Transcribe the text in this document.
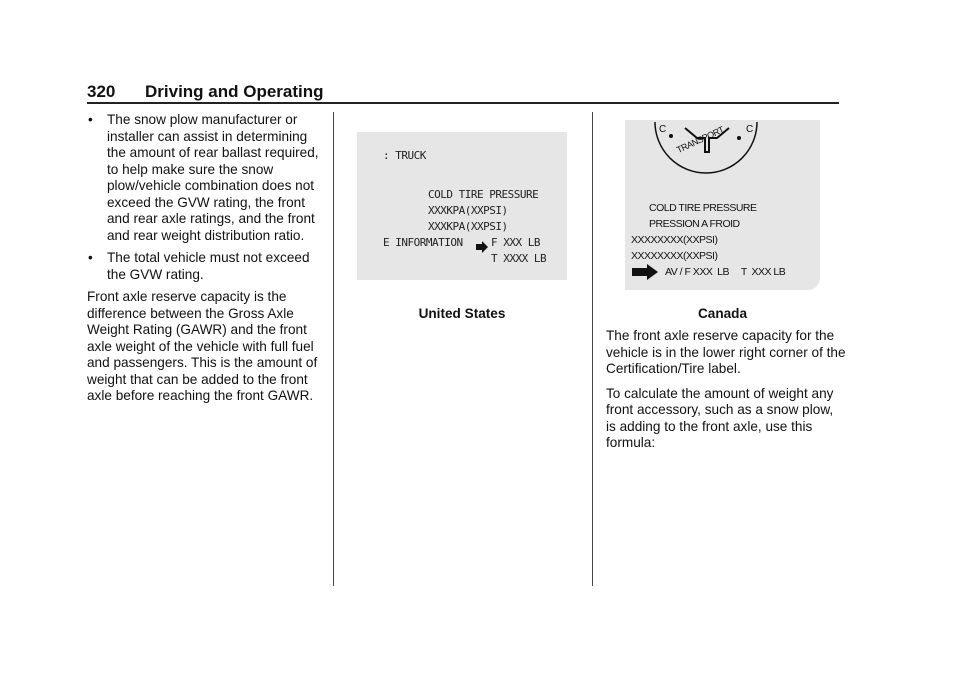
320 Driving and Operating
• The snow plow manufacturer or installer can assist in determining the amount of rear ballast required, to help make sure the snow plow/vehicle combination does not exceed the GVW rating, the front and rear axle ratings, and the front and rear weight distribution ratio.
• The total vehicle must not exceed the GVW rating.

Front axle reserve capacity is the difference between the Gross Axle Weight Rating (GAWR) and the front axle weight of the vehicle with full fuel and passengers. This is the amount of weight that can be added to the front axle before reaching the front GAWR.

: TRUCK
COLD TIRE PRESSURE
XXXKPA(XXPSI)
XXXKPA(XXPSI)
E INFORMATION	F XXX LB
T XXXX LB
United States
C	C
TRANSPORT
COLD TIRE PRESSURE
PRESSION A FROID
XXXXXXXX(XXPSI)
XXXXXXXX(XXPSI)
AV / F XXX  LB     T  XXX LB
Canada

The front axle reserve capacity for the vehicle is in the lower right corner of the Certification/Tire label.

To calculate the amount of weight any front accessory, such as a snow plow, is adding to the front axle, use this formula:
